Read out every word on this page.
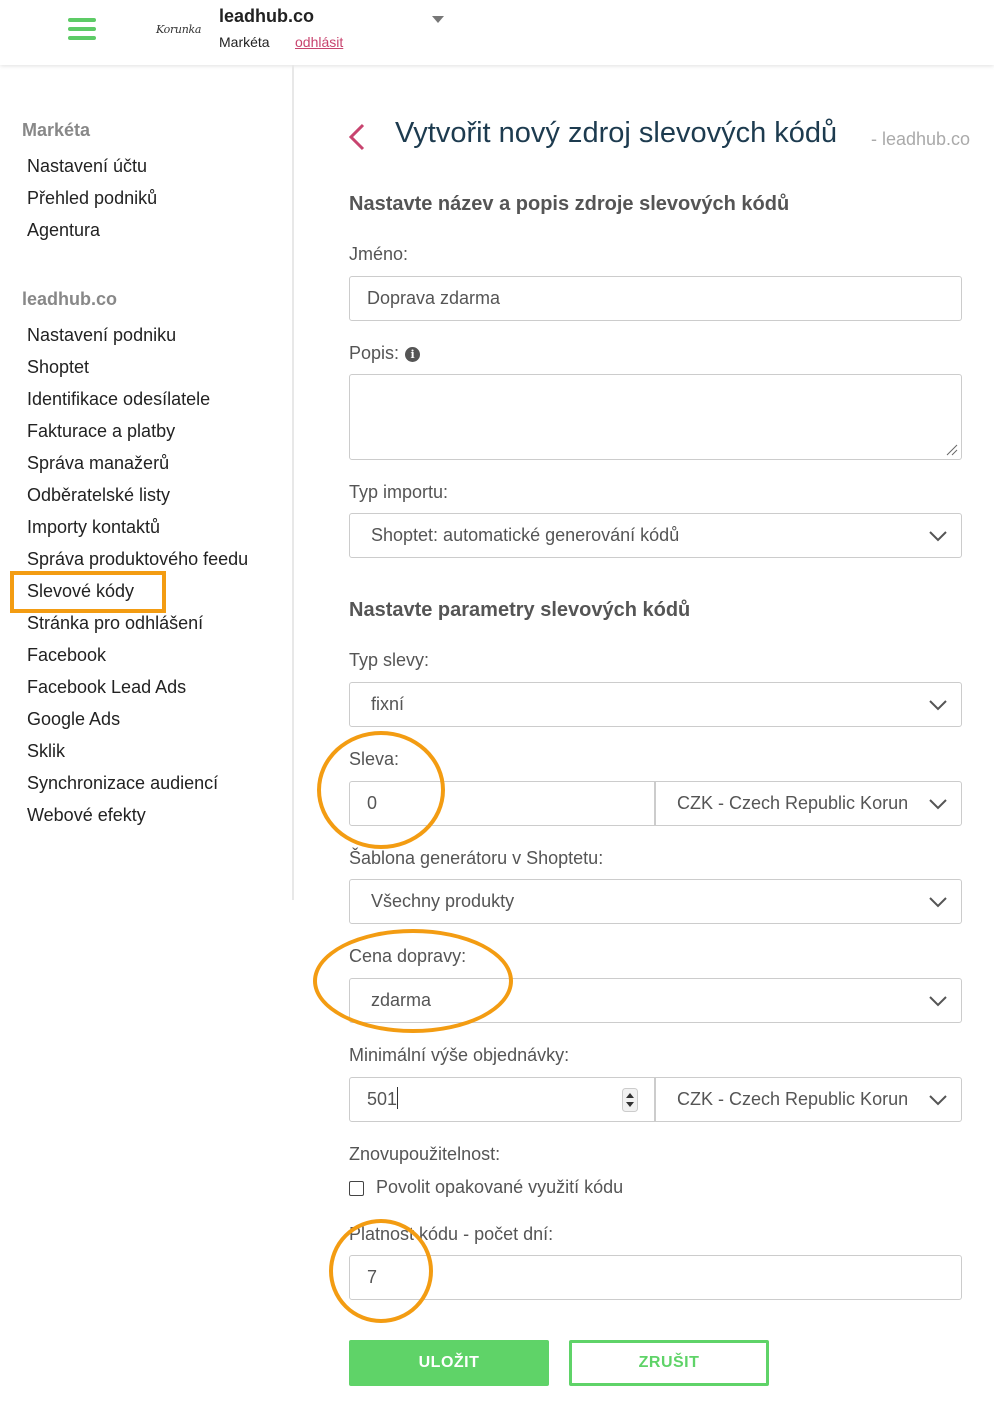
Korunka
leadhub.co
Markéta odhlásit
Markéta
Nastavení účtu
Přehled podniků
Agentura
leadhub.co
Nastavení podniku
Shoptet
Identifikace odesílatele
Fakturace a platby
Správa manažerů
Odběratelské listy
Importy kontaktů
Správa produktového feedu
Slevové kódy
Stránka pro odhlášení
Facebook
Facebook Lead Ads
Google Ads
Sklik
Synchronizace audiencí
Webové efekty
Vytvořit nový zdroj slevových kódů - leadhub.co
Nastavte název a popis zdroje slevových kódů
Jméno:
Doprava zdarma
Popis: i
Typ importu:
Shoptet: automatické generování kódů
Nastavte parametry slevových kódů
Typ slevy:
fixní
Sleva:
0	CZK - Czech Republic Korun
Šablona generátoru v Shoptetu:
Všechny produkty
Cena dopravy:
zdarma
Minimální výše objednávky:
501	CZK - Czech Republic Korun
Znovupoužitelnost:
Povolit opakované využití kódu
Platnost kódu - počet dní:
7
ULOŽIT	ZRUŠIT
